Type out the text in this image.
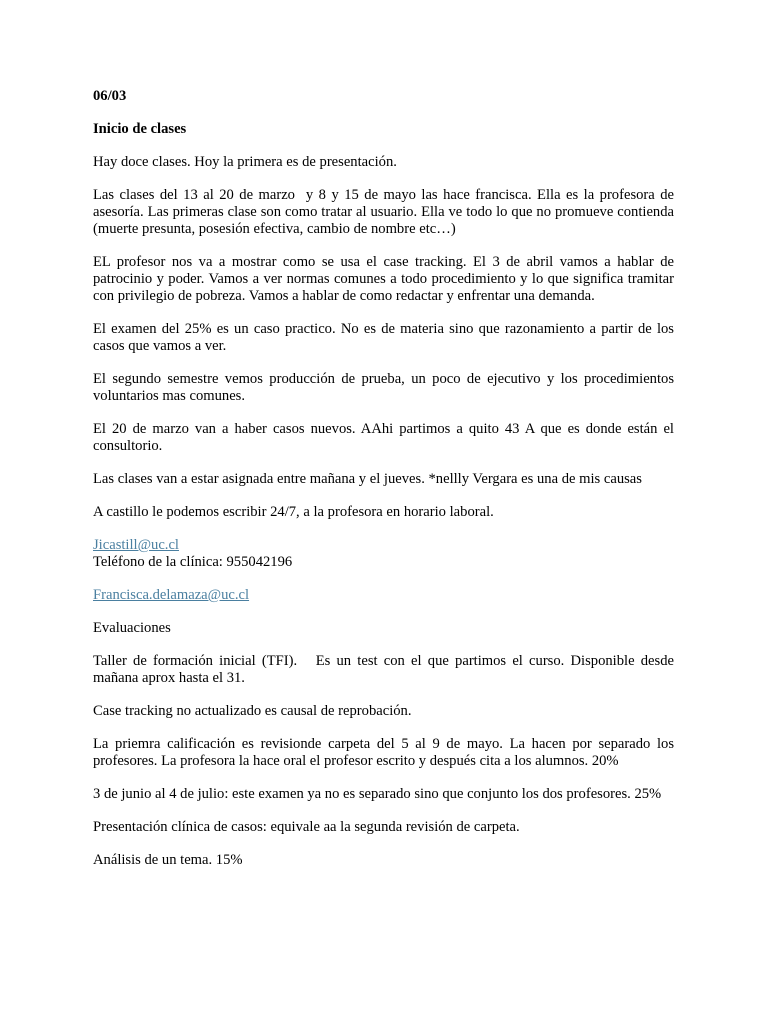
06/03

Inicio de clases

Hay doce clases. Hoy la primera es de presentación.

Las clases del 13 al 20 de marzo  y 8 y 15 de mayo las hace francisca. Ella es la profesora de asesoría. Las primeras clase son como tratar al usuario. Ella ve todo lo que no promueve contienda (muerte presunta, posesión efectiva, cambio de nombre etc…)

EL profesor nos va a mostrar como se usa el case tracking. El 3 de abril vamos a hablar de patrocinio y poder. Vamos a ver normas comunes a todo procedimiento y lo que significa tramitar con privilegio de pobreza. Vamos a hablar de como redactar y enfrentar una demanda.

El examen del 25% es un caso practico. No es de materia sino que razonamiento a partir de los casos que vamos a ver.

El segundo semestre vemos producción de prueba, un poco de ejecutivo y los procedimientos voluntarios mas comunes.

El 20 de marzo van a haber casos nuevos. AAhi partimos a quito 43 A que es donde están el consultorio.

Las clases van a estar asignada entre mañana y el jueves. *nellly Vergara es una de mis causas

A castillo le podemos escribir 24/7, a la profesora en horario laboral.

Jicastill@uc.cl

Teléfono de la clínica: 955042196

Francisca.delamaza@uc.cl

Evaluaciones

Taller de formación inicial (TFI).   Es un test con el que partimos el curso. Disponible desde mañana aprox hasta el 31.

Case tracking no actualizado es causal de reprobación.

La priemra calificación es revisionde carpeta del 5 al 9 de mayo. La hacen por separado los profesores. La profesora la hace oral el profesor escrito y después cita a los alumnos. 20%

3 de junio al 4 de julio: este examen ya no es separado sino que conjunto los dos profesores. 25%

Presentación clínica de casos: equivale aa la segunda revisión de carpeta.

Análisis de un tema. 15%
